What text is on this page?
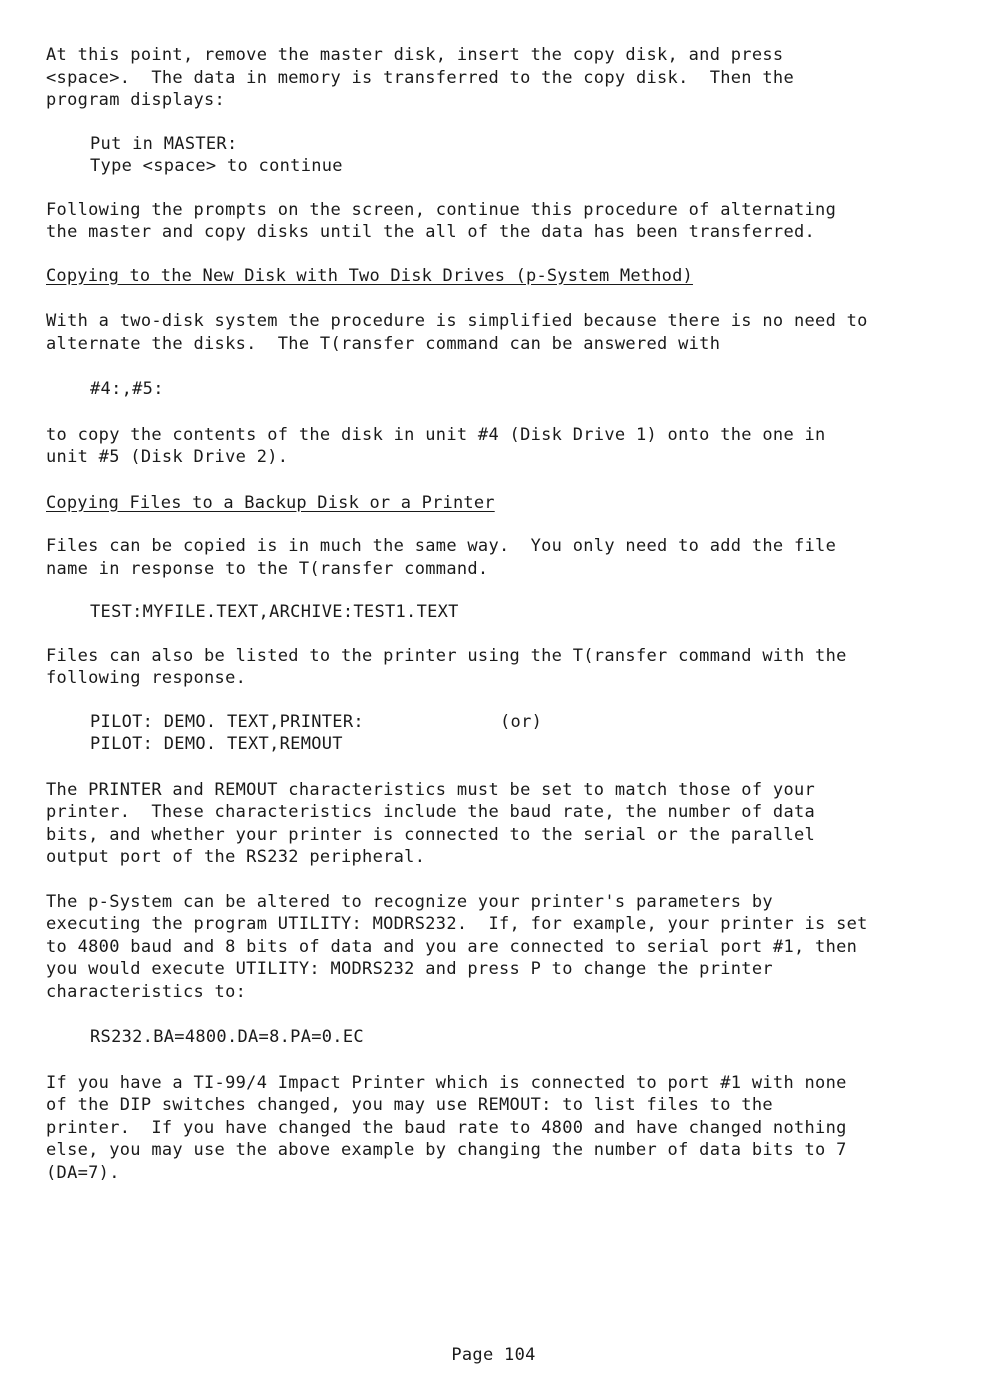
At this point, remove the master disk, insert the copy disk, and press
<space>.  The data in memory is transferred to the copy disk.  Then the
program displays:

Put in MASTER:
Type <space> to continue

Following the prompts on the screen, continue this procedure of alternating
the master and copy disks until the all of the data has been transferred.

Copying to the New Disk with Two Disk Drives (p-System Method)

With a two-disk system the procedure is simplified because there is no need to
alternate the disks.  The T(ransfer command can be answered with

#4:,#5:

to copy the contents of the disk in unit #4 (Disk Drive 1) onto the one in
unit #5 (Disk Drive 2).

Copying Files to a Backup Disk or a Printer

Files can be copied is in much the same way.  You only need to add the file
name in response to the T(ransfer command.

TEST:MYFILE.TEXT,ARCHIVE:TEST1.TEXT

Files can also be listed to the printer using the T(ransfer command with the
following response.

PILOT: DEMO. TEXT,PRINTER:	(or)
PILOT: DEMO. TEXT,REMOUT

The PRINTER and REMOUT characteristics must be set to match those of your
printer.  These characteristics include the baud rate, the number of data
bits, and whether your printer is connected to the serial or the parallel
output port of the RS232 peripheral.

The p-System can be altered to recognize your printer's parameters by
executing the program UTILITY: MODRS232.  If, for example, your printer is set
to 4800 baud and 8 bits of data and you are connected to serial port #1, then
you would execute UTILITY: MODRS232 and press P to change the printer
characteristics to:

RS232.BA=4800.DA=8.PA=0.EC

If you have a TI-99/4 Impact Printer which is connected to port #1 with none
of the DIP switches changed, you may use REMOUT: to list files to the
printer.  If you have changed the baud rate to 4800 and have changed nothing
else, you may use the above example by changing the number of data bits to 7
(DA=7).

Page 104
